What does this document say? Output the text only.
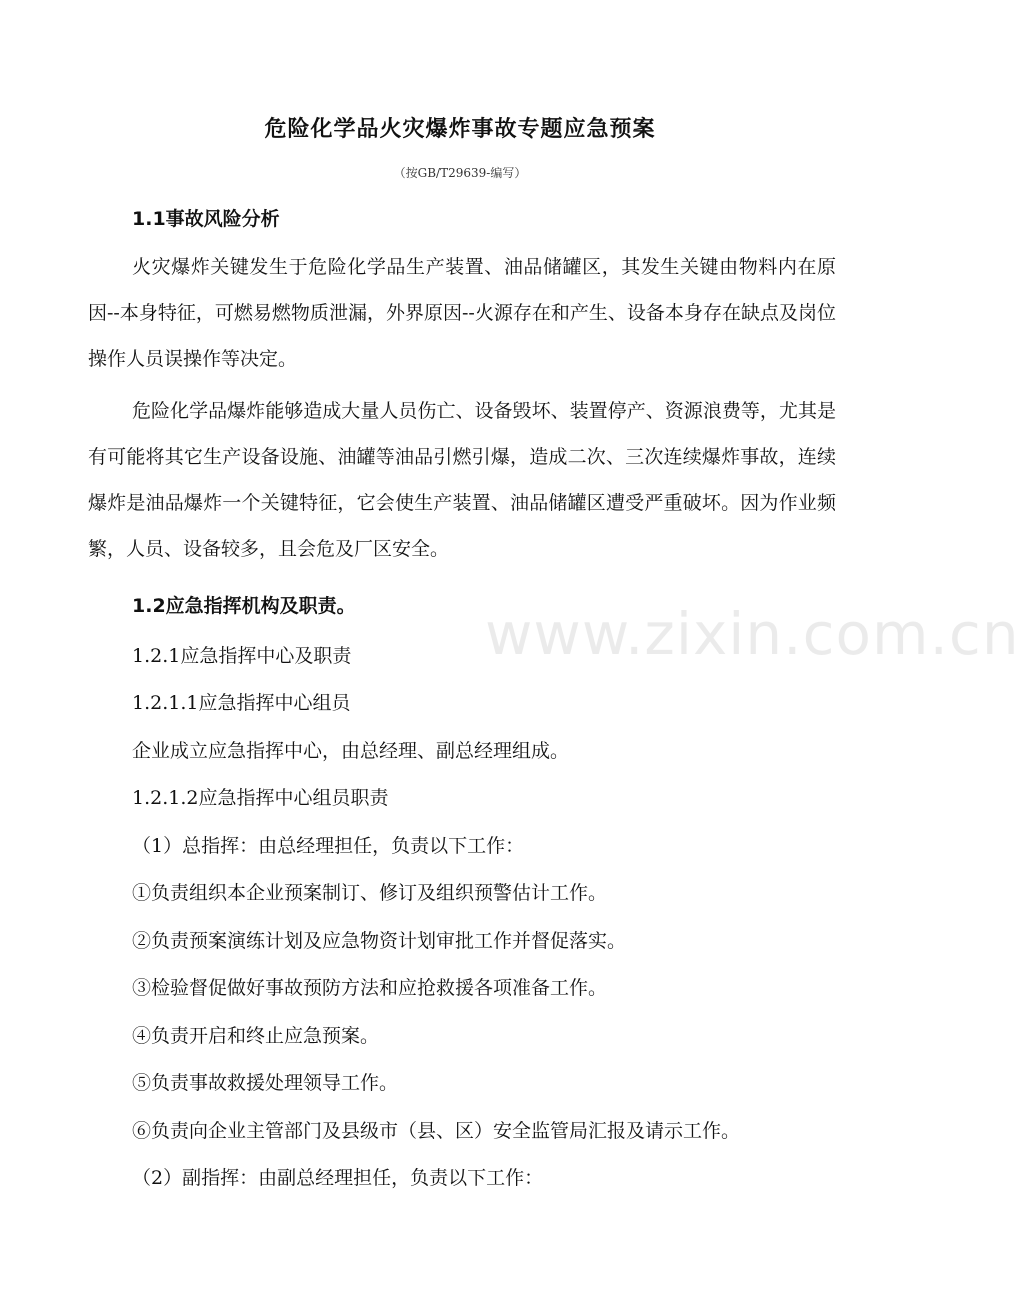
危险化学品火灾爆炸事故专题应急预案
（按GB/T29639-编写）
1.1事故风险分析
火灾爆炸关键发生于危险化学品生产装置、油品储罐区，其发生关键由物料内在原因--本身特征，可燃易燃物质泄漏，外界原因--火源存在和产生、设备本身存在缺点及岗位操作人员误操作等决定。
危险化学品爆炸能够造成大量人员伤亡、设备毁坏、装置停产、资源浪费等，尤其是有可能将其它生产设备设施、油罐等油品引燃引爆，造成二次、三次连续爆炸事故，连续爆炸是油品爆炸一个关键特征，它会使生产装置、油品储罐区遭受严重破坏。因为作业频繁，人员、设备较多，且会危及厂区安全。
1.2应急指挥机构及职责。
1.2.1应急指挥中心及职责
1.2.1.1应急指挥中心组员
企业成立应急指挥中心，由总经理、副总经理组成。
1.2.1.2应急指挥中心组员职责
（1）总指挥：由总经理担任，负责以下工作：
①负责组织本企业预案制订、修订及组织预警估计工作。
②负责预案演练计划及应急物资计划审批工作并督促落实。
③检验督促做好事故预防方法和应抢救援各项准备工作。
④负责开启和终止应急预案。
⑤负责事故救援处理领导工作。
⑥负责向企业主管部门及县级市（县、区）安全监管局汇报及请示工作。
（2）副指挥：由副总经理担任，负责以下工作：
www.zixin.com.cn
